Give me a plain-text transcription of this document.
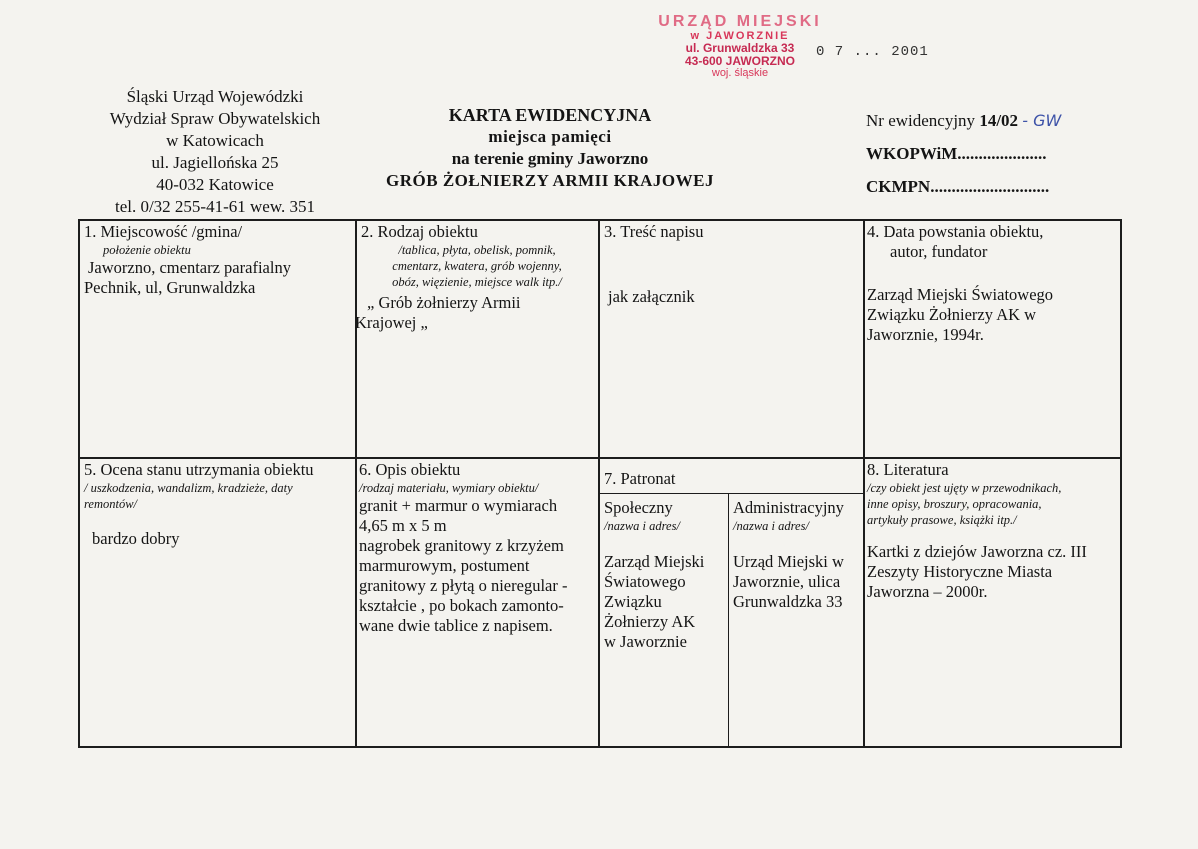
URZĄD MIEJSKI
w JAWORZNIE
ul. Grunwaldzka 33
43-600 JAWORZNO
woj. śląskie
0 7 ... 2001
Śląski Urząd Wojewódzki
Wydział Spraw Obywatelskich
w Katowicach
ul. Jagiellońska 25
40-032 Katowice
tel. 0/32 255-41-61 wew. 351
KARTA EWIDENCYJNA
miejsca pamięci
na terenie gminy Jaworzno
GRÓB ŻOŁNIERZY ARMII KRAJOWEJ
Nr ewidencyjny 14/02 - GW
WKOPWiM.....................
CKMPN............................
1. Miejscowość /gmina/
położenie obiektu
Jaworzno, cmentarz parafialny
Pechnik, ul, Grunwaldzka
2. Rodzaj obiektu
/tablica, płyta, obelisk, pomnik,
cmentarz, kwatera, grób wojenny,
obóz, więzienie, miejsce walk itp./
„ Grób żołnierzy Armii
Krajowej „
3. Treść napisu
jak załącznik
4. Data powstania obiektu,
autor, fundator
Zarząd Miejski Światowego
Związku Żołnierzy AK w
Jaworznie, 1994r.
5. Ocena stanu utrzymania obiektu
/ uszkodzenia, wandalizm, kradzieże, daty
remontów/
bardzo dobry
6. Opis obiektu
/rodzaj materiału, wymiary obiektu/
granit + marmur o wymiarach
4,65 m x 5 m
nagrobek granitowy z krzyżem
marmurowym, postument
granitowy z płytą o nieregular -
kształcie , po bokach zamonto-
wane dwie tablice z napisem.
7. Patronat
Społeczny
/nazwa i adres/
Zarząd Miejski
Światowego
Związku
Żołnierzy AK
w Jaworznie
Administracyjny
/nazwa i adres/
Urząd Miejski w
Jaworznie, ulica
Grunwaldzka 33
8. Literatura
/czy obiekt jest ujęty w przewodnikach,
inne opisy, broszury, opracowania,
artykuły prasowe, książki itp./
Kartki z dziejów Jaworzna cz. III
Zeszyty Historyczne Miasta
Jaworzna – 2000r.
